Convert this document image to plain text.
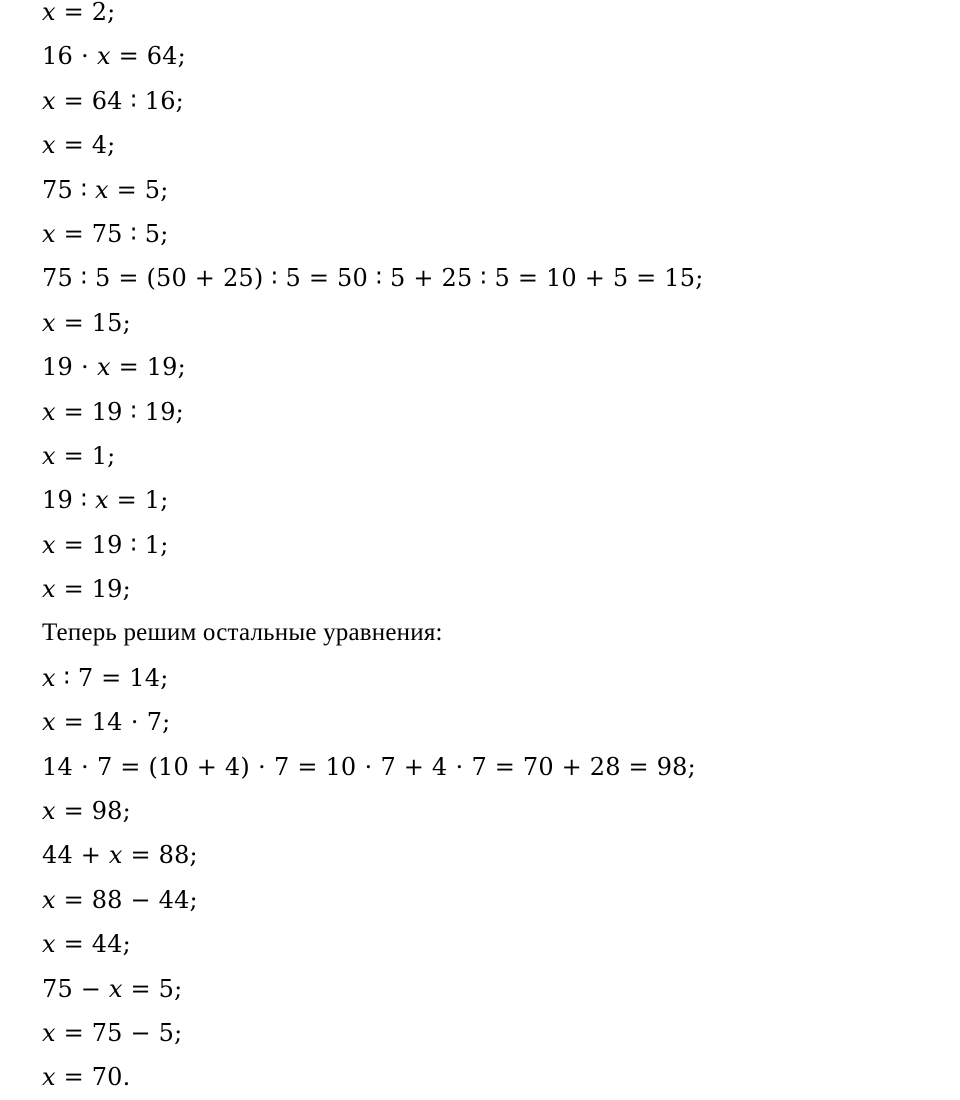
𝑥 = 2;
16 ⋅ 𝑥 = 64;
𝑥 = 64 ∶ 16;
𝑥 = 4;
75 ∶ 𝑥 = 5;
𝑥 = 75 ∶ 5;
75 ∶ 5 = (50 + 25) ∶ 5 = 50 ∶ 5 + 25 ∶ 5 = 10 + 5 = 15;
𝑥 = 15;
19 ⋅ 𝑥 = 19;
𝑥 = 19 ∶ 19;
𝑥 = 1;
19 ∶ 𝑥 = 1;
𝑥 = 19 ∶ 1;
𝑥 = 19;
Теперь решим остальные уравнения:
𝑥 ∶ 7 = 14;
𝑥 = 14 ⋅ 7;
14 ⋅ 7 = (10 + 4) ⋅ 7 = 10 ⋅ 7 + 4 ⋅ 7 = 70 + 28 = 98;
𝑥 = 98;
44 + 𝑥 = 88;
𝑥 = 88 − 44;
𝑥 = 44;
75 − 𝑥 = 5;
𝑥 = 75 − 5;
𝑥 = 70.
